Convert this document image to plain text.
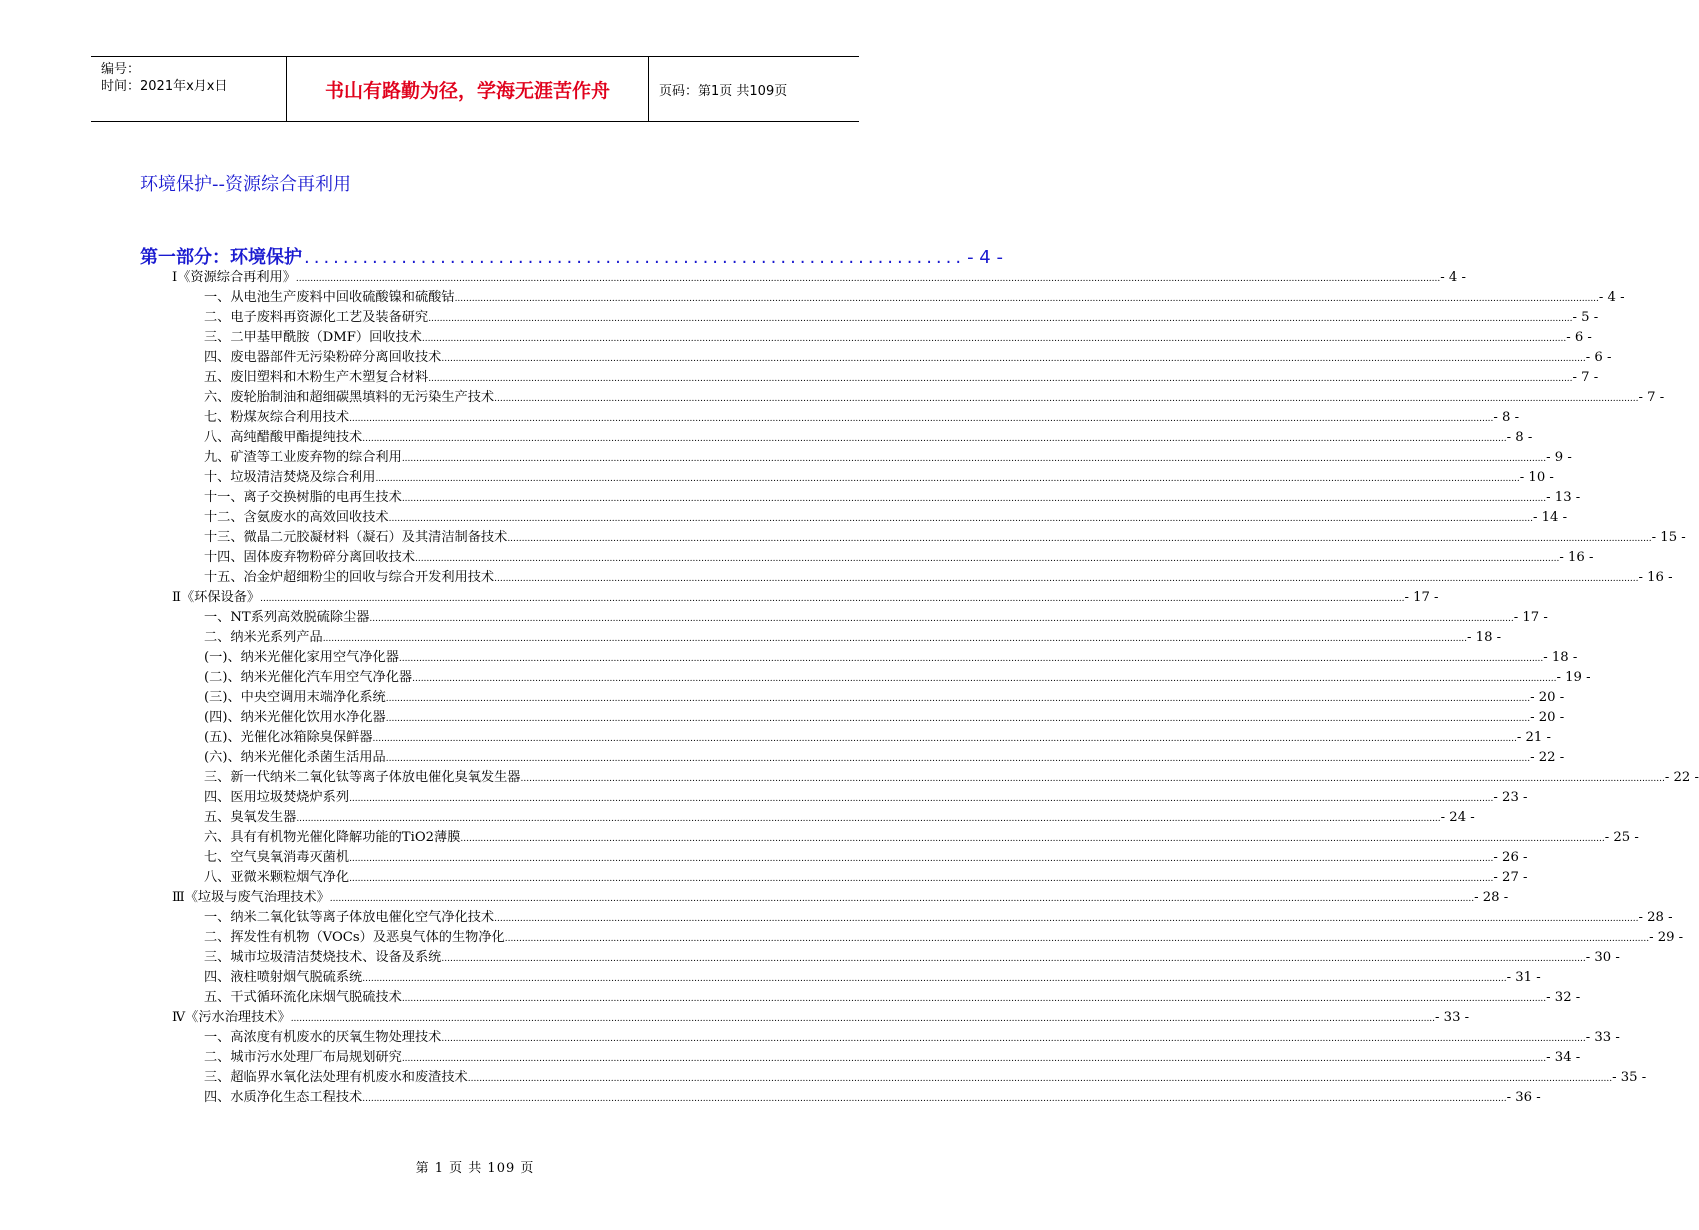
编号：
时间：2021年x月x日	书山有路勤为径，学海无涯苦作舟	页码：第1页 共109页
环境保护--资源综合再利用
第一部分：环境保护 .................................................................... - 4 -
Ⅰ《资源综合再利用》 ................................................................................................................................................................................................................................................................................................................................................................................................................ - 4 -
一、从电池生产废料中回收硫酸镍和硫酸钴 ................................................................................................................................................................................................................................................................................................................................................................................................................ - 4 -
二、电子废料再资源化工艺及装备研究 ................................................................................................................................................................................................................................................................................................................................................................................................................ - 5 -
三、二甲基甲酰胺（DMF）回收技术 ................................................................................................................................................................................................................................................................................................................................................................................................................ - 6 -
四、废电器部件无污染粉碎分离回收技术 ................................................................................................................................................................................................................................................................................................................................................................................................................ - 6 -
五、废旧塑料和木粉生产木塑复合材料 ................................................................................................................................................................................................................................................................................................................................................................................................................ - 7 -
六、废轮胎制油和超细碳黑填料的无污染生产技术 ................................................................................................................................................................................................................................................................................................................................................................................................................ - 7 -
七、粉煤灰综合利用技术 ................................................................................................................................................................................................................................................................................................................................................................................................................ - 8 -
八、高纯醋酸甲酯提纯技术 ................................................................................................................................................................................................................................................................................................................................................................................................................ - 8 -
九、矿渣等工业废弃物的综合利用 ................................................................................................................................................................................................................................................................................................................................................................................................................ - 9 -
十、垃圾清洁焚烧及综合利用 ................................................................................................................................................................................................................................................................................................................................................................................................................ - 10 -
十一、离子交换树脂的电再生技术 ................................................................................................................................................................................................................................................................................................................................................................................................................ - 13 -
十二、含氨废水的高效回收技术 ................................................................................................................................................................................................................................................................................................................................................................................................................ - 14 -
十三、微晶二元胶凝材料（凝石）及其清洁制备技术 ................................................................................................................................................................................................................................................................................................................................................................................................................ - 15 -
十四、固体废弃物粉碎分离回收技术 ................................................................................................................................................................................................................................................................................................................................................................................................................ - 16 -
十五、冶金炉超细粉尘的回收与综合开发利用技术 ................................................................................................................................................................................................................................................................................................................................................................................................................ - 16 -
Ⅱ《环保设备》 ................................................................................................................................................................................................................................................................................................................................................................................................................ - 17 -
一、NT系列高效脱硫除尘器 ................................................................................................................................................................................................................................................................................................................................................................................................................ - 17 -
二、纳米光系列产品 ................................................................................................................................................................................................................................................................................................................................................................................................................ - 18 -
(一)、纳米光催化家用空气净化器 ................................................................................................................................................................................................................................................................................................................................................................................................................ - 18 -
(二)、纳米光催化汽车用空气净化器 ................................................................................................................................................................................................................................................................................................................................................................................................................ - 19 -
(三)、中央空调用末端净化系统 ................................................................................................................................................................................................................................................................................................................................................................................................................ - 20 -
(四)、纳米光催化饮用水净化器 ................................................................................................................................................................................................................................................................................................................................................................................................................ - 20 -
(五)、光催化冰箱除臭保鲜器 ................................................................................................................................................................................................................................................................................................................................................................................................................ - 21 -
(六)、纳米光催化杀菌生活用品 ................................................................................................................................................................................................................................................................................................................................................................................................................ - 22 -
三、新一代纳米二氧化钛等离子体放电催化臭氧发生器 ................................................................................................................................................................................................................................................................................................................................................................................................................ - 22 -
四、医用垃圾焚烧炉系列 ................................................................................................................................................................................................................................................................................................................................................................................................................ - 23 -
五、臭氧发生器 ................................................................................................................................................................................................................................................................................................................................................................................................................ - 24 -
六、具有有机物光催化降解功能的TiO2薄膜 ................................................................................................................................................................................................................................................................................................................................................................................................................ - 25 -
七、空气臭氧消毒灭菌机 ................................................................................................................................................................................................................................................................................................................................................................................................................ - 26 -
八、亚微米颗粒烟气净化 ................................................................................................................................................................................................................................................................................................................................................................................................................ - 27 -
Ⅲ《垃圾与废气治理技术》 ................................................................................................................................................................................................................................................................................................................................................................................................................ - 28 -
一、纳米二氧化钛等离子体放电催化空气净化技术 ................................................................................................................................................................................................................................................................................................................................................................................................................ - 28 -
二、挥发性有机物（VOCs）及恶臭气体的生物净化 ................................................................................................................................................................................................................................................................................................................................................................................................................ - 29 -
三、城市垃圾清洁焚烧技术、设备及系统 ................................................................................................................................................................................................................................................................................................................................................................................................................ - 30 -
四、液柱喷射烟气脱硫系统 ................................................................................................................................................................................................................................................................................................................................................................................................................ - 31 -
五、干式循环流化床烟气脱硫技术 ................................................................................................................................................................................................................................................................................................................................................................................................................ - 32 -
Ⅳ《污水治理技术》 ................................................................................................................................................................................................................................................................................................................................................................................................................ - 33 -
一、高浓度有机废水的厌氧生物处理技术 ................................................................................................................................................................................................................................................................................................................................................................................................................ - 33 -
二、城市污水处理厂布局规划研究 ................................................................................................................................................................................................................................................................................................................................................................................................................ - 34 -
三、超临界水氧化法处理有机废水和废渣技术 ................................................................................................................................................................................................................................................................................................................................................................................................................ - 35 -
四、水质净化生态工程技术 ................................................................................................................................................................................................................................................................................................................................................................................................................ - 36 -
第 1 页 共 109 页
